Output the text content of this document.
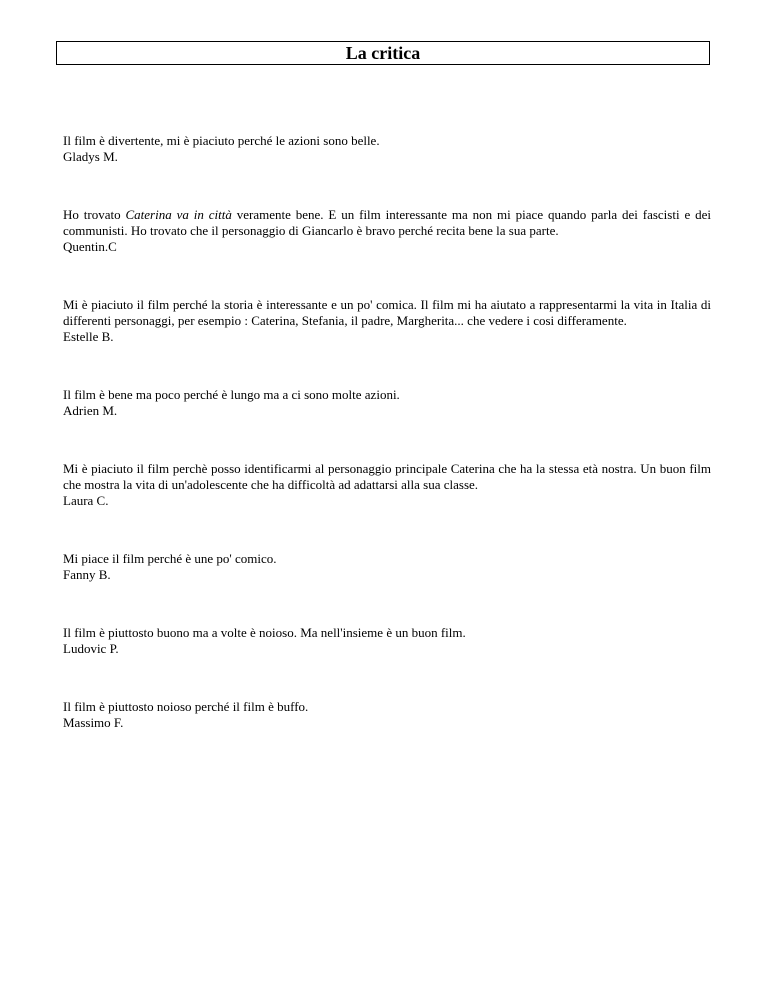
La critica

Il film è divertente, mi è piaciuto perché le azioni sono belle.

Gladys M.

Ho trovato Caterina va in città veramente bene. E un film interessante ma non mi piace quando parla dei fascisti e dei communisti. Ho trovato che il personaggio di Giancarlo è bravo perché recita bene la sua parte.

Quentin.C

Mi è piaciuto il film perché la storia è interessante e un po' comica. Il film mi ha aiutato a rappresentarmi la vita in Italia di differenti personaggi, per esempio : Caterina, Stefania, il padre, Margherita... che vedere i cosi differamente.

Estelle B.

Il film è bene ma poco perché è lungo ma a ci sono molte azioni.

Adrien M.

Mi è piaciuto il film perchè posso identificarmi al personaggio principale Caterina che ha la stessa età nostra. Un buon film che mostra la vita di un'adolescente che ha difficoltà ad adattarsi alla sua classe.

Laura C.

Mi piace il film perché è une po' comico.

Fanny B.

Il film è piuttosto buono ma a volte è noioso. Ma nell'insieme è un buon film.

Ludovic P.

Il film è piuttosto noioso perché il film è buffo.

Massimo F.
